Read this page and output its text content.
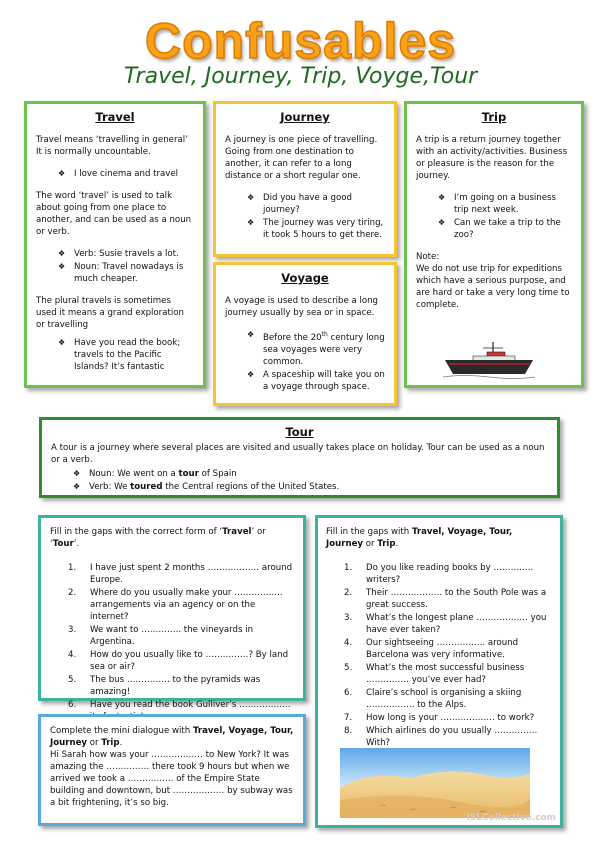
Confusables
Travel, Journey, Trip, Voyge,Tour
Travel
Travel means ‘travelling in general’ It is normally uncountable.
❖ I love cinema and travel
The word ‘travel’ is used to talk about going from one place to another, and can be used as a noun or verb.
❖ Verb: Susie travels a lot.
❖ Noun: Travel nowadays is much cheaper.
The plural travels is sometimes used it means a grand exploration or travelling
❖ Have you read the book; travels to the Pacific Islands? It’s fantastic
Journey
A journey is one piece of travelling. Going from one destination to another, it can refer to a long distance or a short regular one.
❖ Did you have a good journey?
❖ The journey was very tiring, it took 5 hours to get there.
Voyage
A voyage is used to describe a long journey usually by sea or in space.
❖ Before the 20th century long sea voyages were very common.
❖ A spaceship will take you on a voyage through space.
Trip
A trip is a return journey together with an activity/activities. Business or pleasure is the reason for the journey.
❖ I’m going on a business trip next week.
❖ Can we take a trip to the zoo?
Note:
We do not use trip for expeditions which have a serious purpose, and are hard or take a very long time to complete.
Tour
A tour is a journey where several places are visited and usually takes place on holiday. Tour can be used as a noun or a verb.
❖ Noun: We went on a tour of Spain
❖ Verb: We toured the Central regions of the United States.
Fill in the gaps with the correct form of ‘Travel’ or ‘Tour’.
1. I have just spent 2 months ……………… around Europe.
2. Where do you usually make your …………….. arrangements via an agency or on the internet?
3. We want to ………….. the vineyards in Argentina.
4. How do you usually like to ……………? By land sea or air?
5. The bus …………… to the pyramids was amazing!
6. Have you read the book Gulliver’s ………………
Complete the mini dialogue with Travel, Voyage, Tour, Journey or Trip.
Hi Sarah how was your ……………… to New York? It was amazing the …………… there took 9 hours but when we arrived we took a ……………. of the Empire State building and downtown, but ……………… by subway was a bit frightening, it’s so big.
Fill in the gaps with Travel, Voyage, Tour, Journey or Trip.
1. Do you like reading books by ………….. writers?
2. Their ……………… to the South Pole was a great success.
3. What’s the longest plane ……………… you have ever taken?
4. Our sightseeing …………….. around Barcelona was very informative.
5. What’s the most successful business …………… you’ve ever had?
6. Claire’s school is organising a skiing …………….. to the Alps.
7. How long is your ………………. to work?
8. Which airlines do you usually …………… With?
iSLCollective.com
